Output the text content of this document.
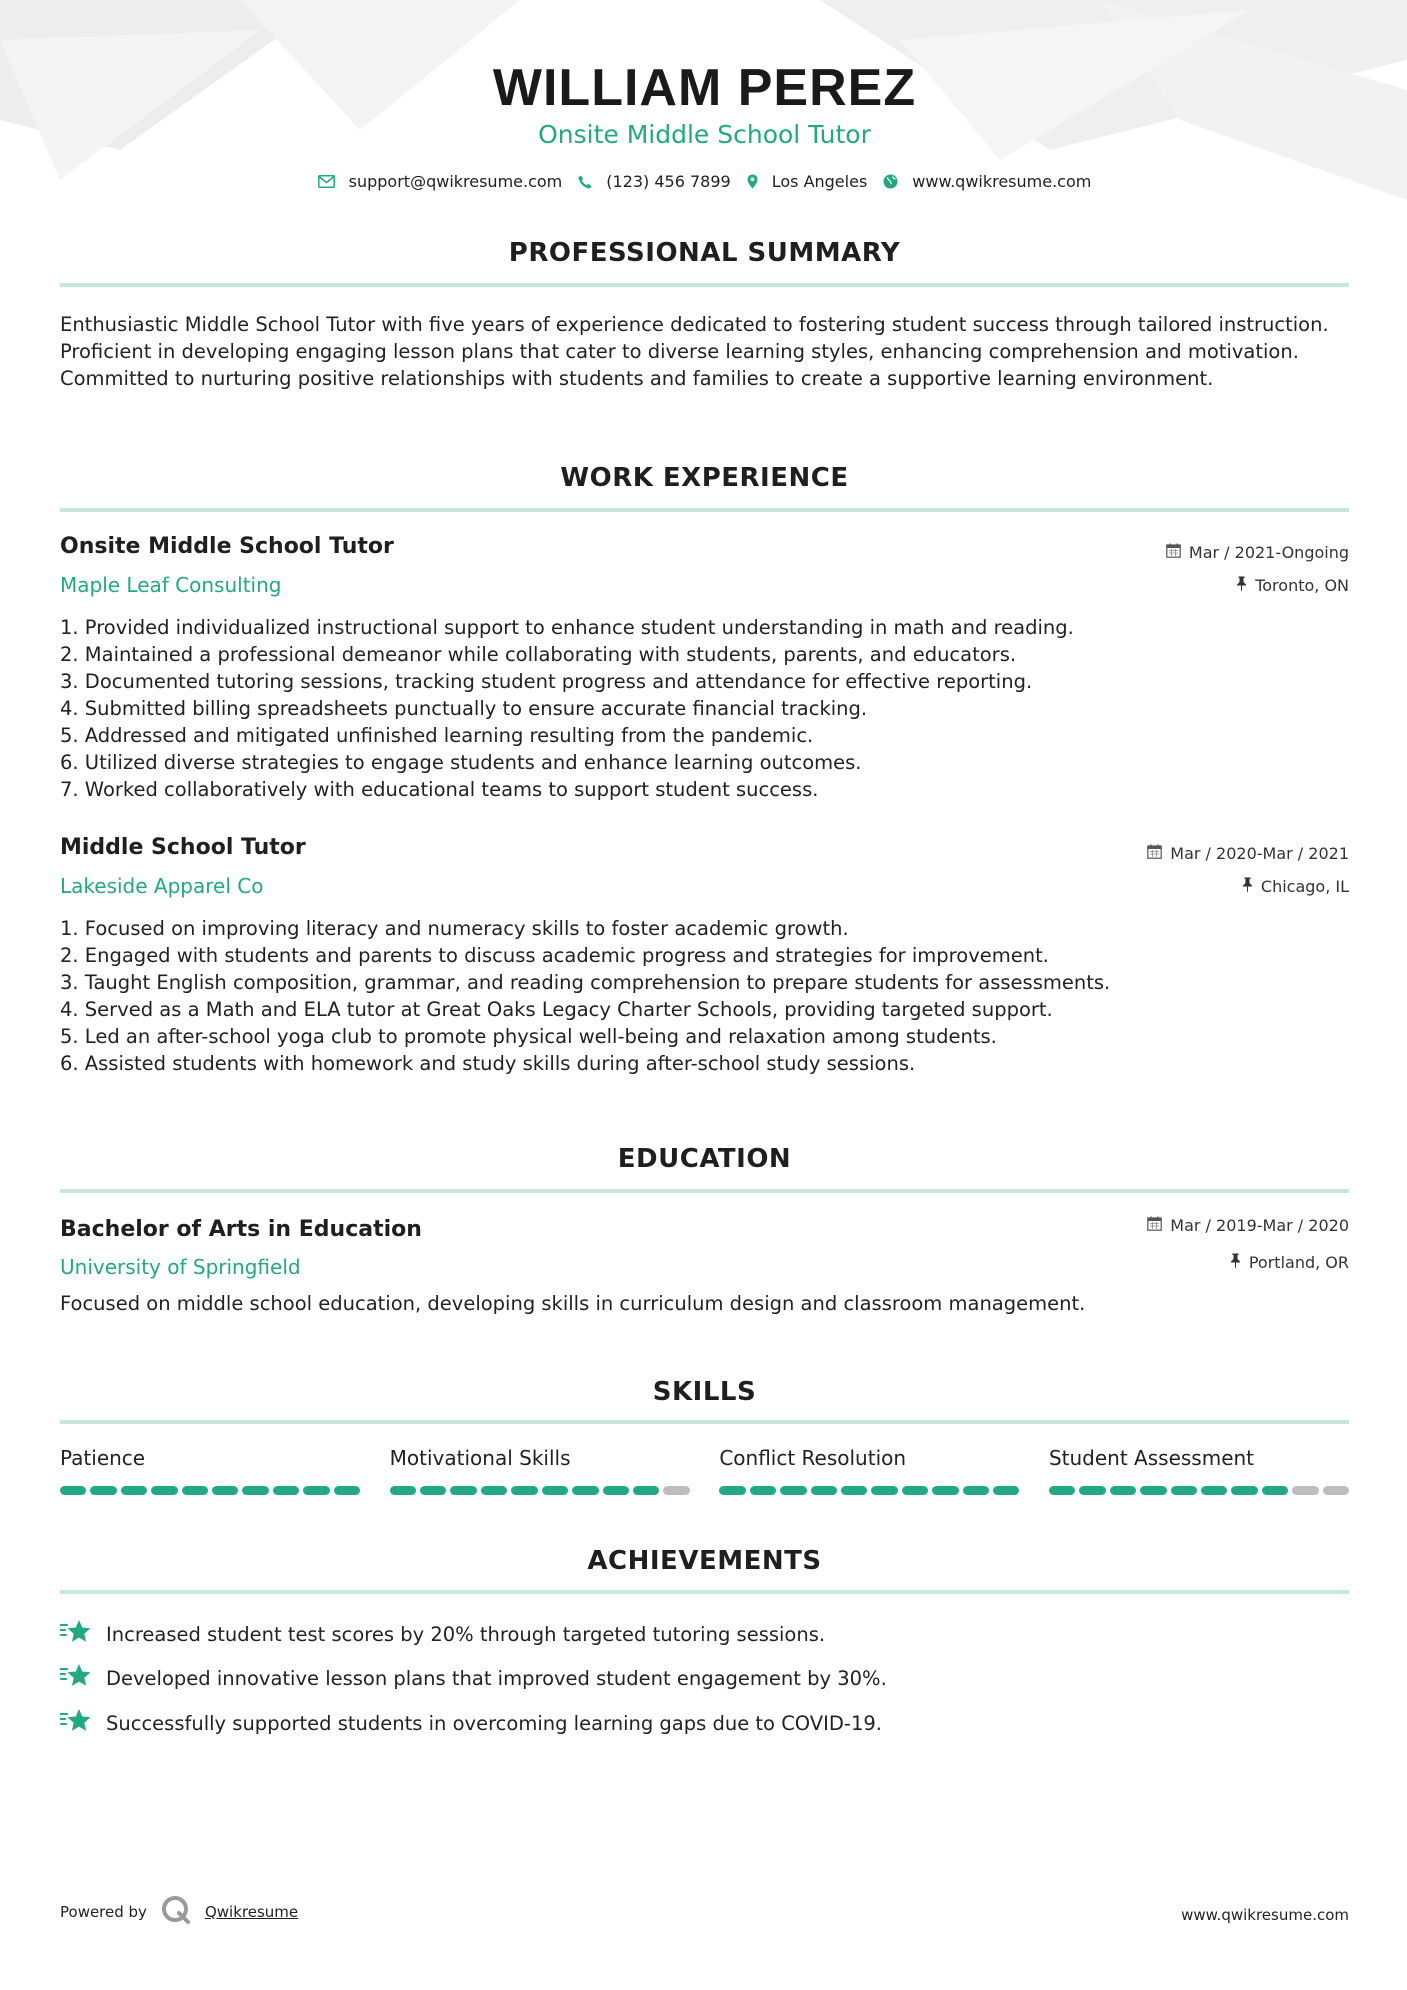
WILLIAM PEREZ
Onsite Middle School Tutor
support@qwikresume.com	(123) 456 7899	Los Angeles	www.qwikresume.com
PROFESSIONAL SUMMARY
Enthusiastic Middle School Tutor with five years of experience dedicated to fostering student success through tailored instruction. Proficient in developing engaging lesson plans that cater to diverse learning styles, enhancing comprehension and motivation. Committed to nurturing positive relationships with students and families to create a supportive learning environment.
WORK EXPERIENCE
Onsite Middle School Tutor	Mar / 2021-Ongoing
Maple Leaf Consulting	Toronto, ON
1. Provided individualized instructional support to enhance student understanding in math and reading.
2. Maintained a professional demeanor while collaborating with students, parents, and educators.
3. Documented tutoring sessions, tracking student progress and attendance for effective reporting.
4. Submitted billing spreadsheets punctually to ensure accurate financial tracking.
5. Addressed and mitigated unfinished learning resulting from the pandemic.
6. Utilized diverse strategies to engage students and enhance learning outcomes.
7. Worked collaboratively with educational teams to support student success.
Middle School Tutor	Mar / 2020-Mar / 2021
Lakeside Apparel Co	Chicago, IL
1. Focused on improving literacy and numeracy skills to foster academic growth.
2. Engaged with students and parents to discuss academic progress and strategies for improvement.
3. Taught English composition, grammar, and reading comprehension to prepare students for assessments.
4. Served as a Math and ELA tutor at Great Oaks Legacy Charter Schools, providing targeted support.
5. Led an after-school yoga club to promote physical well-being and relaxation among students.
6. Assisted students with homework and study skills during after-school study sessions.
EDUCATION
Bachelor of Arts in Education	Mar / 2019-Mar / 2020
University of Springfield	Portland, OR
Focused on middle school education, developing skills in curriculum design and classroom management.
SKILLS
Patience	Motivational Skills	Conflict Resolution	Student Assessment
ACHIEVEMENTS
Increased student test scores by 20% through targeted tutoring sessions.
Developed innovative lesson plans that improved student engagement by 30%.
Successfully supported students in overcoming learning gaps due to COVID-19.
Powered by	Qwikresume	www.qwikresume.com
